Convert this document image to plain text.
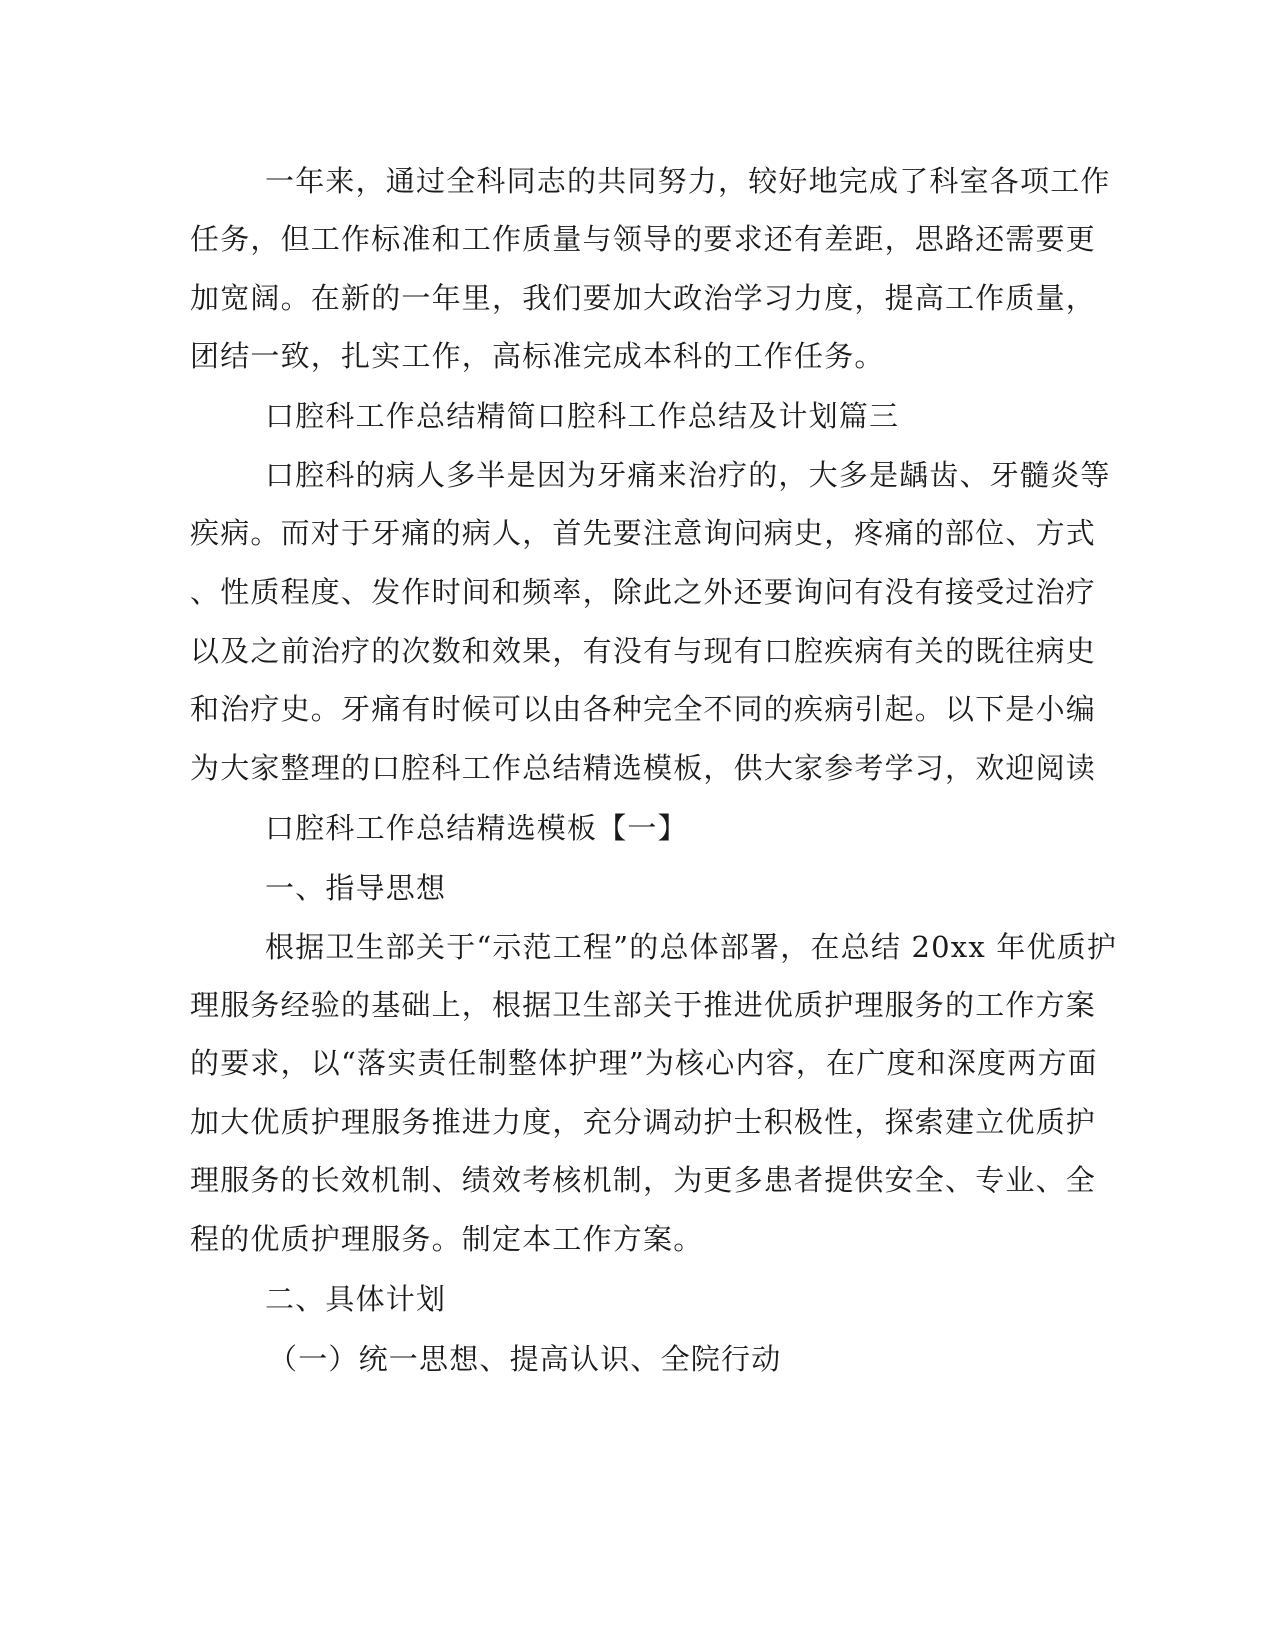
一年来，通过全科同志的共同努力，较好地完成了科室各项工作
任务，但工作标准和工作质量与领导的要求还有差距，思路还需要更
加宽阔。在新的一年里，我们要加大政治学习力度，提高工作质量，
团结一致，扎实工作，高标准完成本科的工作任务。
口腔科工作总结精简口腔科工作总结及计划篇三
口腔科的病人多半是因为牙痛来治疗的，大多是龋齿、牙髓炎等
疾病。而对于牙痛的病人，首先要注意询问病史，疼痛的部位、方式
、性质程度、发作时间和频率，除此之外还要询问有没有接受过治疗
以及之前治疗的次数和效果，有没有与现有口腔疾病有关的既往病史
和治疗史。牙痛有时候可以由各种完全不同的疾病引起。以下是小编
为大家整理的口腔科工作总结精选模板，供大家参考学习，欢迎阅读
口腔科工作总结精选模板【一】
一、指导思想
根据卫生部关于“示范工程”的总体部署，在总结 20xx 年优质护
理服务经验的基础上，根据卫生部关于推进优质护理服务的工作方案
的要求，以“落实责任制整体护理”为核心内容，在广度和深度两方面
加大优质护理服务推进力度，充分调动护士积极性，探索建立优质护
理服务的长效机制、绩效考核机制，为更多患者提供安全、专业、全
程的优质护理服务。制定本工作方案。
二、具体计划
（一）统一思想、提高认识、全院行动
